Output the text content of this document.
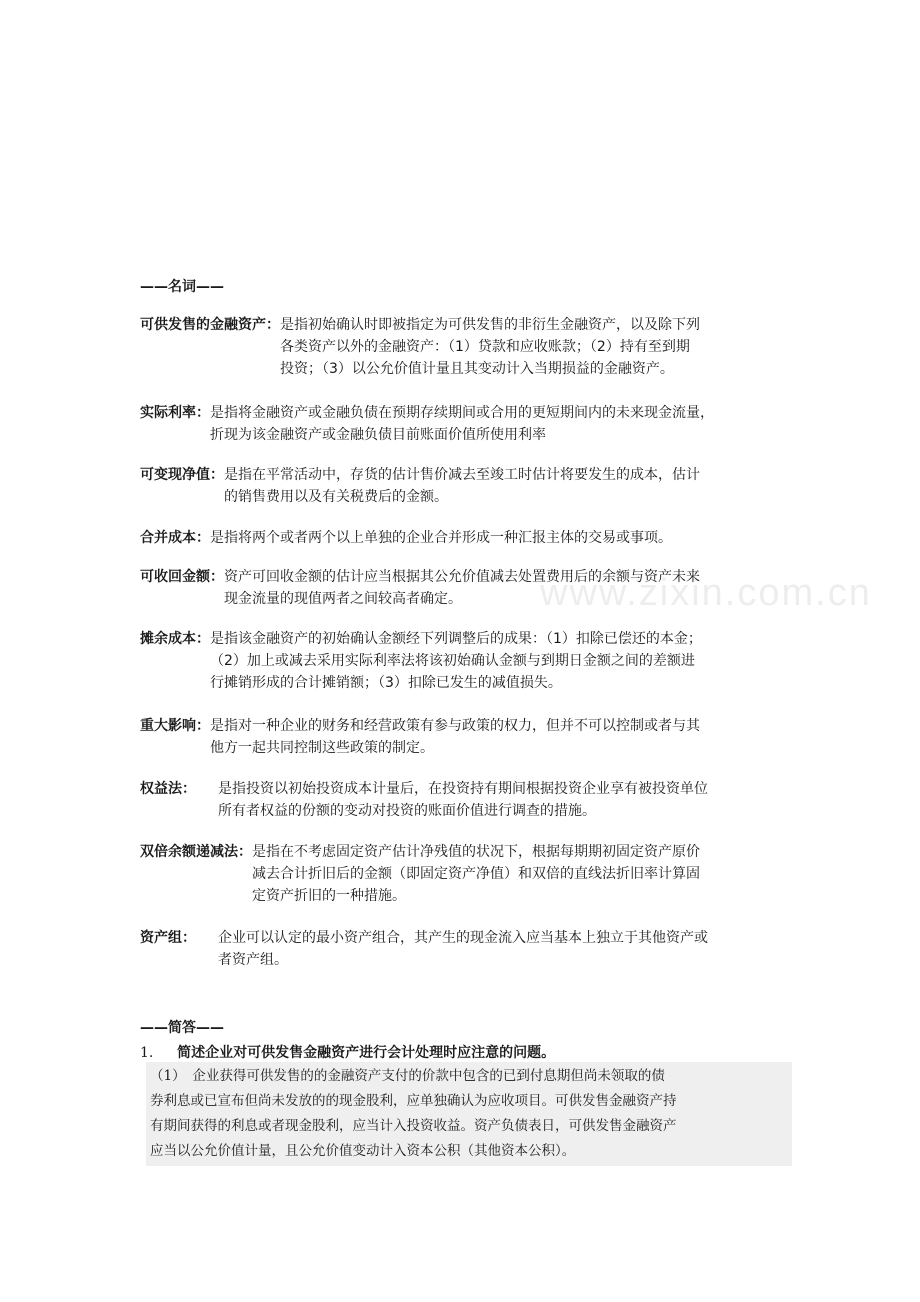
www.zixin.com.cn
——名词——
可供发售的金融资产： 是指初始确认时即被指定为可供发售的非衍生金融资产，以及除下列
各类资产以外的金融资产：（1）贷款和应收账款；（2）持有至到期
投资；（3）以公允价值计量且其变动计入当期损益的金融资产。
实际利率： 是指将金融资产或金融负债在预期存续期间或合用的更短期间内的未来现金流量，
折现为该金融资产或金融负债目前账面价值所使用利率
可变现净值： 是指在平常活动中，存货的估计售价减去至竣工时估计将要发生的成本，估计
的销售费用以及有关税费后的金额。
合并成本： 是指将两个或者两个以上单独的企业合并形成一种汇报主体的交易或事项。
可收回金额： 资产可回收金额的估计应当根据其公允价值减去处置费用后的余额与资产未来
现金流量的现值两者之间较高者确定。
摊余成本： 是指该金融资产的初始确认金额经下列调整后的成果：（1）扣除已偿还的本金；
（2）加上或减去采用实际利率法将该初始确认金额与到期日金额之间的差额进
行摊销形成的合计摊销额；（3）扣除已发生的减值损失。
重大影响： 是指对一种企业的财务和经营政策有参与政策的权力，但并不可以控制或者与其
他方一起共同控制这些政策的制定。
权益法：	是指投资以初始投资成本计量后，在投资持有期间根据投资企业享有被投资单位
所有者权益的份额的变动对投资的账面价值进行调查的措施。
双倍余额递减法： 是指在不考虑固定资产估计净残值的状况下，根据每期期初固定资产原价
减去合计折旧后的金额（即固定资产净值）和双倍的直线法折旧率计算固
定资产折旧的一种措施。
资产组：	企业可以认定的最小资产组合，其产生的现金流入应当基本上独立于其他资产或
者资产组。
——简答——
1. 简述企业对可供发售金融资产进行会计处理时应注意的问题。
（1）　企业获得可供发售的的金融资产支付的价款中包含的已到付息期但尚未领取的债
券利息或已宣布但尚未发放的的现金股利，应单独确认为应收项目。可供发售金融资产持
有期间获得的利息或者现金股利，应当计入投资收益。资产负债表日，可供发售金融资产
应当以公允价值计量，且公允价值变动计入资本公积（其他资本公积）。
